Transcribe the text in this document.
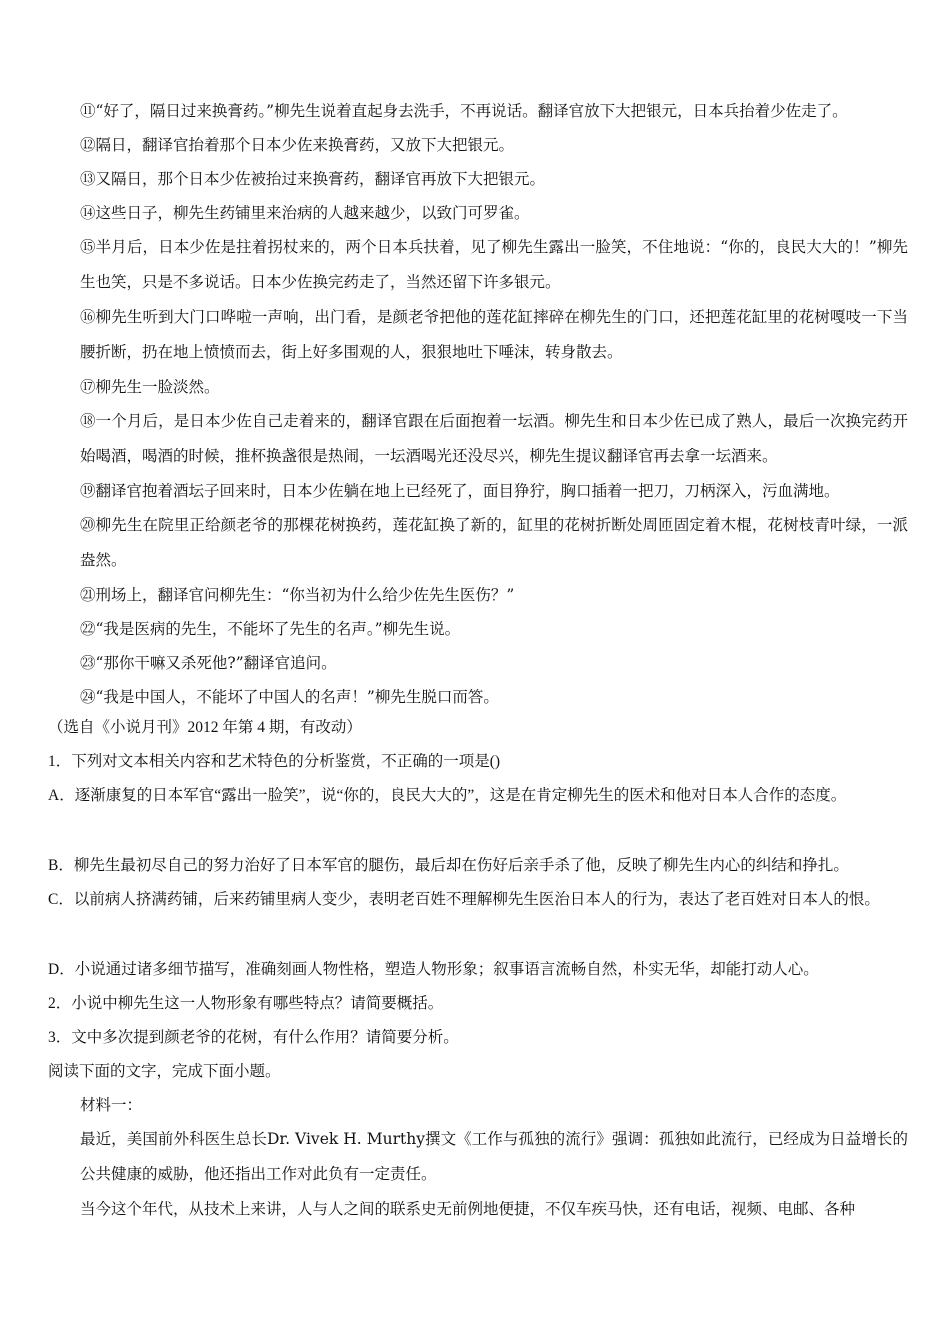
⑪“好了，隔日过来换膏药。”柳先生说着直起身去洗手，不再说话。翻译官放下大把银元，日本兵抬着少佐走了。

⑫隔日，翻译官抬着那个日本少佐来换膏药，又放下大把银元。

⑬又隔日，那个日本少佐被抬过来换膏药，翻译官再放下大把银元。

⑭这些日子，柳先生药铺里来治病的人越来越少，以致门可罗雀。

⑮半月后，日本少佐是拄着拐杖来的，两个日本兵扶着，见了柳先生露出一脸笑，不住地说：“你的，良民大大的！”柳先生也笑，只是不多说话。日本少佐换完药走了，当然还留下许多银元。

⑯柳先生听到大门口哗啦一声响，出门看，是颜老爷把他的莲花缸摔碎在柳先生的门口，还把莲花缸里的花树嘎吱一下当腰折断，扔在地上愤愤而去，街上好多围观的人，狠狠地吐下唾沫，转身散去。

⑰柳先生一脸淡然。

⑱一个月后，是日本少佐自己走着来的，翻译官跟在后面抱着一坛酒。柳先生和日本少佐已成了熟人，最后一次换完药开始喝酒，喝酒的时候，推杯换盏很是热闹，一坛酒喝光还没尽兴，柳先生提议翻译官再去拿一坛酒来。

⑲翻译官抱着酒坛子回来时，日本少佐躺在地上已经死了，面目狰狞，胸口插着一把刀，刀柄深入，污血满地。

⑳柳先生在院里正给颜老爷的那棵花树换药，莲花缸换了新的，缸里的花树折断处周匝固定着木棍，花树枝青叶绿，一派盎然。

㉑刑场上，翻译官问柳先生：“你当初为什么给少佐先生医伤？”

㉒“我是医病的先生，不能坏了先生的名声。”柳先生说。

㉓“那你干嘛又杀死他?”翻译官追问。

㉔“我是中国人，不能坏了中国人的名声！”柳先生脱口而答。

（选自《小说月刊》2012 年第 4 期，有改动）

1．下列对文本相关内容和艺术特色的分析鉴赏，不正确的一项是()

A．逐渐康复的日本军官“露出一脸笑”，说“你的，良民大大的”，这是在肯定柳先生的医术和他对日本人合作的态度。

B．柳先生最初尽自己的努力治好了日本军官的腿伤，最后却在伤好后亲手杀了他，反映了柳先生内心的纠结和挣扎。

C．以前病人挤满药铺，后来药铺里病人变少，表明老百姓不理解柳先生医治日本人的行为，表达了老百姓对日本人的恨。

D．小说通过诸多细节描写，准确刻画人物性格，塑造人物形象；叙事语言流畅自然，朴实无华，却能打动人心。

2．小说中柳先生这一人物形象有哪些特点？请简要概括。

3．文中多次提到颜老爷的花树，有什么作用？请简要分析。

阅读下面的文字，完成下面小题。

材料一：

最近，美国前外科医生总长Dr. Vivek H. Murthy撰文《工作与孤独的流行》强调：孤独如此流行，已经成为日益增长的公共健康的威胁，他还指出工作对此负有一定责任。

当今这个年代，从技术上来讲，人与人之间的联系史无前例地便捷，不仅车疾马快，还有电话，视频、电邮、各种
